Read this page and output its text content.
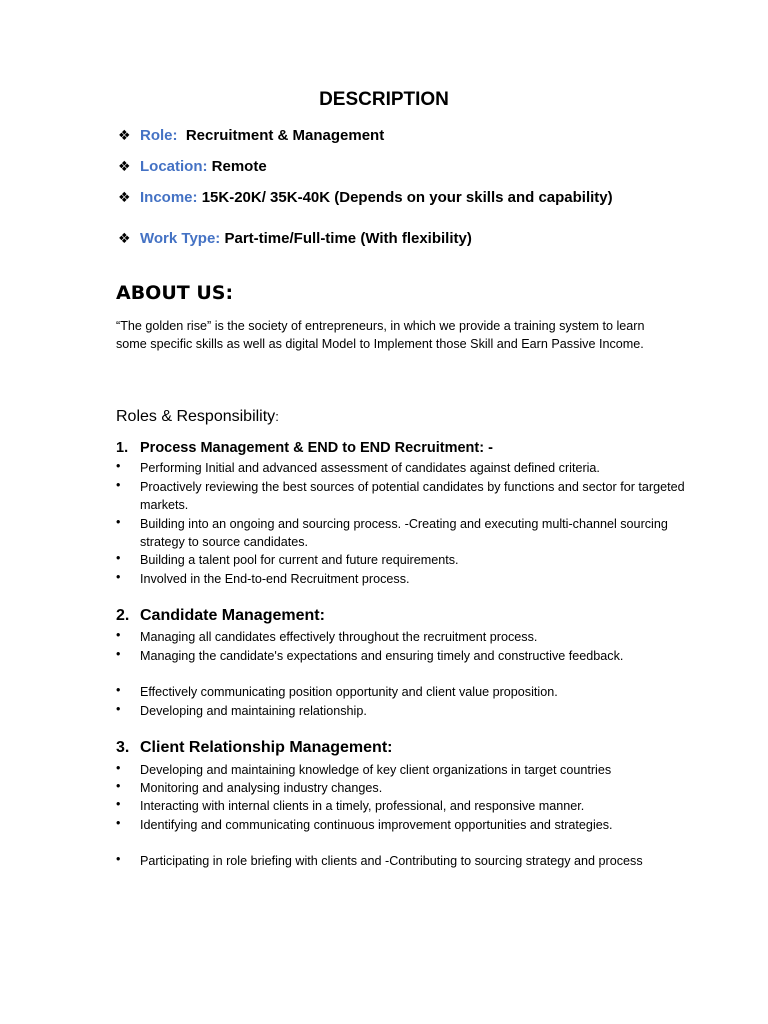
DESCRIPTION
❖ Role: Recruitment & Management
❖ Location: Remote
❖ Income: 15K-20K/ 35K-40K (Depends on your skills and capability)
❖ Work Type: Part-time/Full-time (With flexibility)
ABOUT US:
“The golden rise” is the society of entrepreneurs, in which we provide a training system to learn some specific skills as well as digital Model to Implement those Skill and Earn Passive Income.
Roles & Responsibility:
1. Process Management & END to END Recruitment: -
• Performing Initial and advanced assessment of candidates against defined criteria.
• Proactively reviewing the best sources of potential candidates by functions and sector for targeted markets.
• Building into an ongoing and sourcing process. -Creating and executing multi-channel sourcing strategy to source candidates.
• Building a talent pool for current and future requirements.
• Involved in the End-to-end Recruitment process.
2. Candidate Management:
• Managing all candidates effectively throughout the recruitment process.
• Managing the candidate's expectations and ensuring timely and constructive feedback.
• Effectively communicating position opportunity and client value proposition.
• Developing and maintaining relationship.
3. Client Relationship Management:
• Developing and maintaining knowledge of key client organizations in target countries
• Monitoring and analysing industry changes.
• Interacting with internal clients in a timely, professional, and responsive manner.
• Identifying and communicating continuous improvement opportunities and strategies.
• Participating in role briefing with clients and -Contributing to sourcing strategy and process
